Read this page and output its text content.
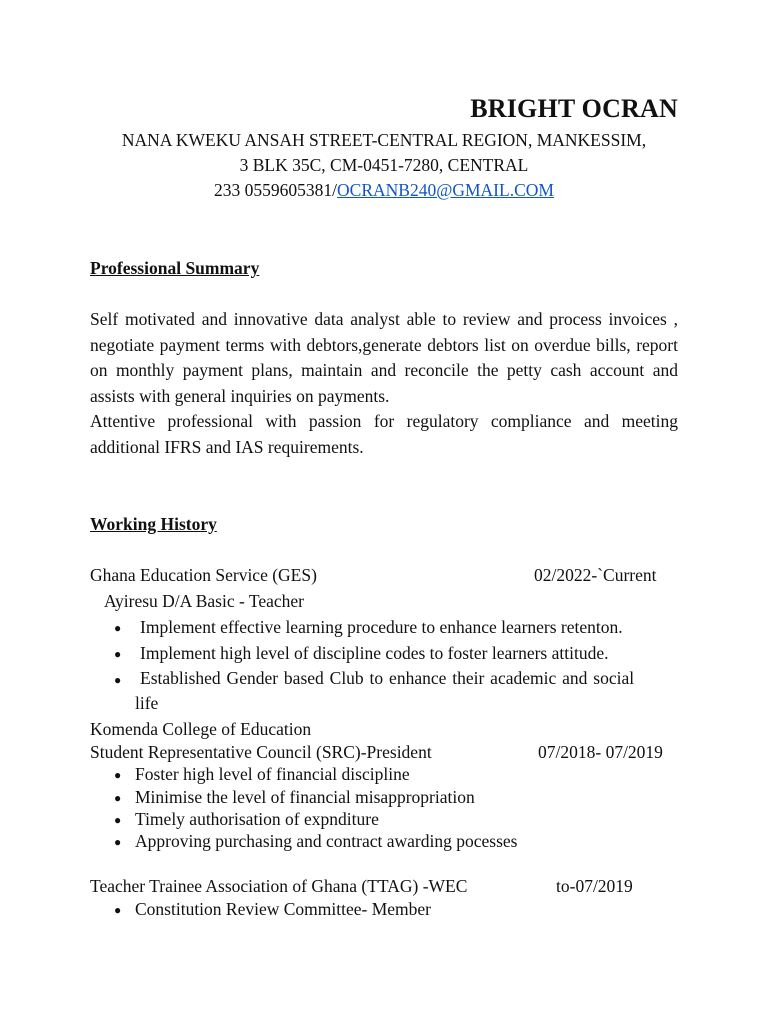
BRIGHT OCRAN
NANA KWEKU ANSAH STREET-CENTRAL REGION, MANKESSIM,
3 BLK 35C, CM-0451-7280, CENTRAL
233 0559605381/OCRANB240@GMAIL.COM
Professional Summary

Self motivated and innovative data analyst able to review and process invoices , negotiate payment terms with debtors,generate debtors list on overdue bills, report on monthly payment plans, maintain and reconcile the petty cash account and assists with general inquiries on payments.

Attentive professional with passion for regulatory compliance and meeting additional IFRS and IAS requirements.

Working History
Ghana Education Service (GES)	02/2022-`Current
Ayiresu D/A Basic - Teacher
● Implement effective learning procedure to enhance learners retenton.
● Implement high level of discipline codes to foster learners attitude.
● Established Gender based Club to enhance their academic and social
life
Komenda College of Education
Student Representative Council (SRC)-President	07/2018- 07/2019
● Foster high level of financial discipline
● Minimise the level of financial misappropriation
● Timely authorisation of expnditure
● Approving purchasing and contract awarding pocesses
Teacher Trainee Association of Ghana (TTAG) -WEC	to-07/2019
● Constitution Review Committee- Member
